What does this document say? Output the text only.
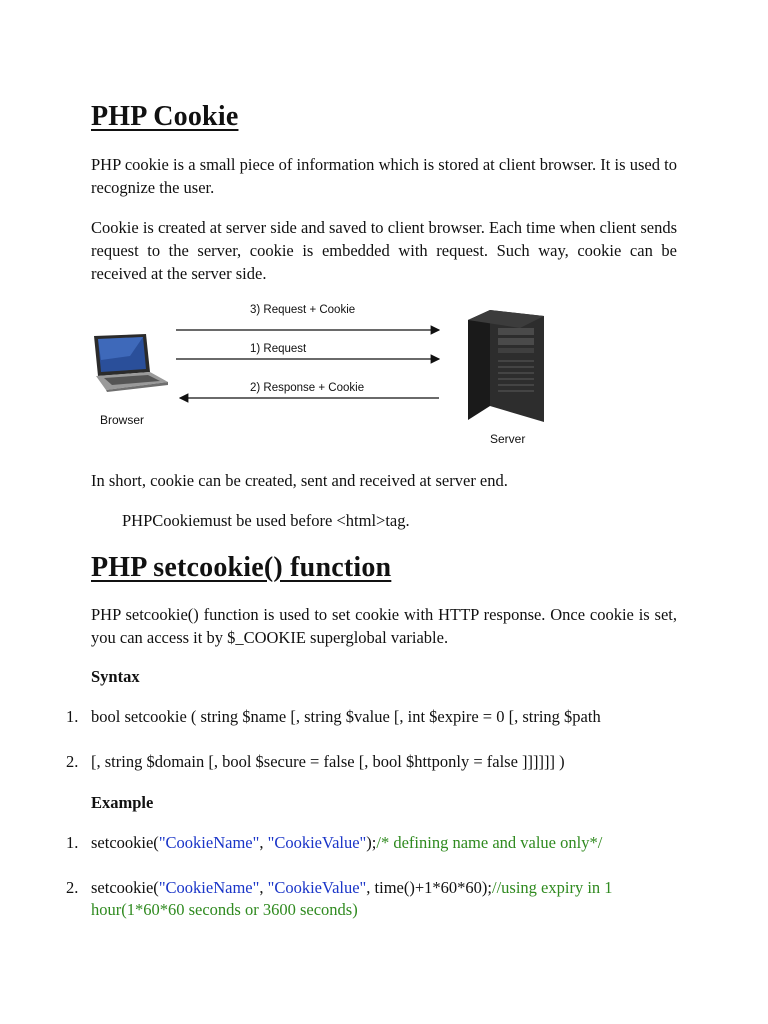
PHP Cookie

PHP cookie is a small piece of information which is stored at client browser. It is used to recognize the user.

Cookie is created at server side and saved to client browser. Each time when client sends request to the server, cookie is embedded with request. Such way, cookie can be received at the server side.

Browser
Server
3) Request + Cookie
1) Request
2) Response + Cookie

In short, cookie can be created, sent and received at server end.

PHPCookiemust be used before <html>tag.
PHP setcookie() function

PHP setcookie() function is used to set cookie with HTTP response. Once cookie is set, you can access it by $_COOKIE superglobal variable.

Syntax
1. bool setcookie ( string $name [, string $value [, int $expire = 0 [, string $path
2. [, string $domain [, bool $secure = false [, bool $httponly = false ]]]]]] )
Example
1. setcookie("CookieName", "CookieValue");/* defining name and value only*/
2. setcookie("CookieName", "CookieValue", time()+1*60*60);//using expiry in 1 hour(1*60*60 seconds or 3600 seconds)
